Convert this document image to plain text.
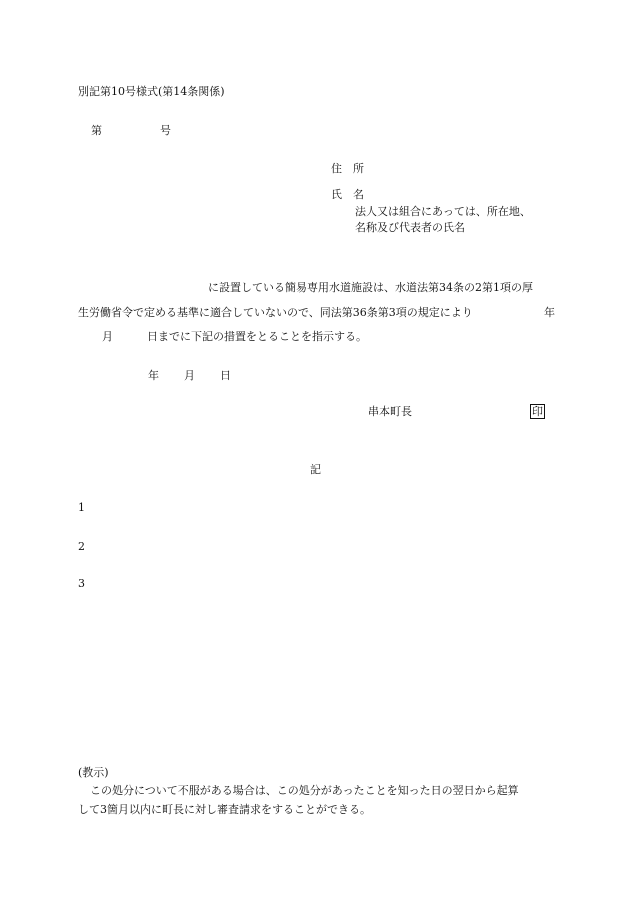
別記第10号様式(第14条関係)
第	号
住　所
氏　名
法人又は組合にあっては、所在地、
名称及び代表者の氏名
に設置している簡易専用水道施設は、水道法第34条の2第1項の厚
生労働省令で定める基準に適合していないので、同法第36条第3項の規定により	年
月	日までに下記の措置をとることを指示する。
年 月 日
串本町長	印
記
1
2
3
(教示)
この処分について不服がある場合は、この処分があったことを知った日の翌日から起算
して3箇月以内に町長に対し審査請求をすることができる。
